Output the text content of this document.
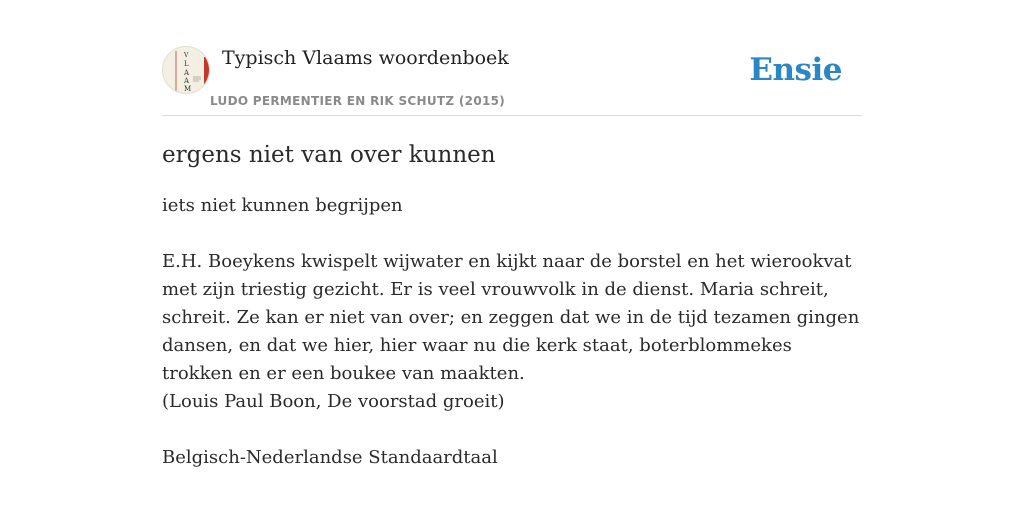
V
L
A
A
M
Typisch Vlaams woordenboek
LUDO PERMENTIER EN RIK SCHUTZ (2015)
Ensie
ergens niet van over kunnen

iets niet kunnen begrijpen

E.H. Boeykens kwispelt wijwater en kijkt naar de borstel en het wierookvat met zijn triestig gezicht. Er is veel vrouwvolk in de dienst. Maria schreit, schreit. Ze kan er niet van over; en zeggen dat we in de tijd tezamen gingen dansen, en dat we hier, hier waar nu die kerk staat, boterblommekes trokken en er een boukee van maakten.

(Louis Paul Boon, De voorstad groeit)

Belgisch-Nederlandse Standaardtaal
